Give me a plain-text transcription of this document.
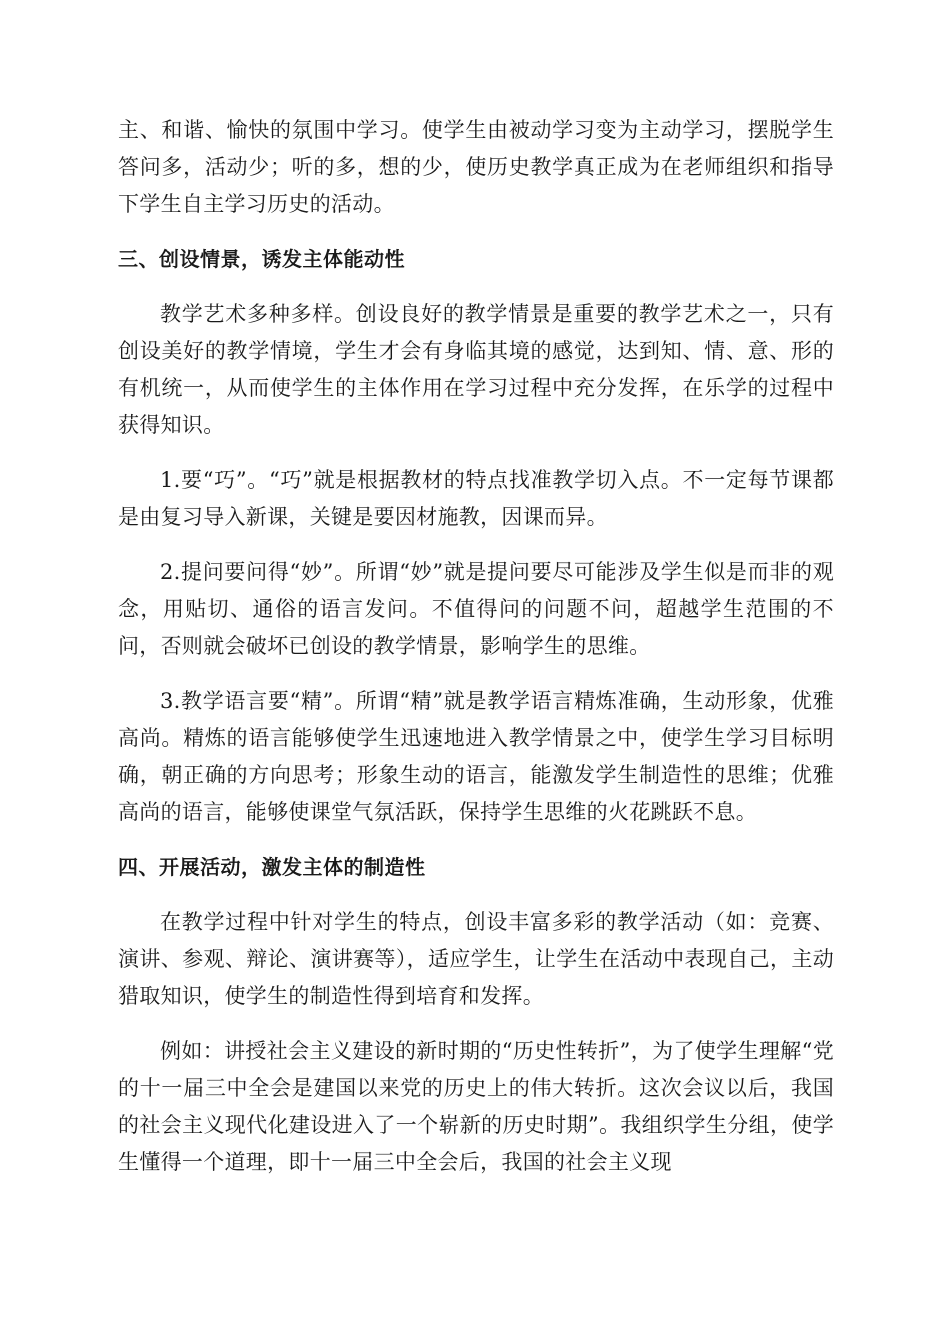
主、和谐、愉快的氛围中学习。使学生由被动学习变为主动学习，摆脱学生答问多，活动少；听的多，想的少，使历史教学真正成为在老师组织和指导下学生自主学习历史的活动。

三、创设情景，诱发主体能动性

教学艺术多种多样。创设良好的教学情景是重要的教学艺术之一，只有创设美好的教学情境，学生才会有身临其境的感觉，达到知、情、意、形的有机统一，从而使学生的主体作用在学习过程中充分发挥，在乐学的过程中获得知识。

1.要“巧”。“巧”就是根据教材的特点找准教学切入点。不一定每节课都是由复习导入新课，关键是要因材施教，因课而异。

2.提问要问得“妙”。所谓“妙”就是提问要尽可能涉及学生似是而非的观念，用贴切、通俗的语言发问。不值得问的问题不问，超越学生范围的不问，否则就会破坏已创设的教学情景，影响学生的思维。

3.教学语言要“精”。所谓“精”就是教学语言精炼准确，生动形象，优雅高尚。精炼的语言能够使学生迅速地进入教学情景之中，使学生学习目标明确，朝正确的方向思考；形象生动的语言，能激发学生制造性的思维；优雅高尚的语言，能够使课堂气氛活跃，保持学生思维的火花跳跃不息。

四、开展活动，激发主体的制造性

在教学过程中针对学生的特点，创设丰富多彩的教学活动（如：竞赛、演讲、参观、辩论、演讲赛等），适应学生，让学生在活动中表现自己，主动猎取知识，使学生的制造性得到培育和发挥。

例如：讲授社会主义建设的新时期的“历史性转折”，为了使学生理解“党的十一届三中全会是建国以来党的历史上的伟大转折。这次会议以后，我国的社会主义现代化建设进入了一个崭新的历史时期”。我组织学生分组，使学生懂得一个道理，即十一届三中全会后，我国的社会主义现
